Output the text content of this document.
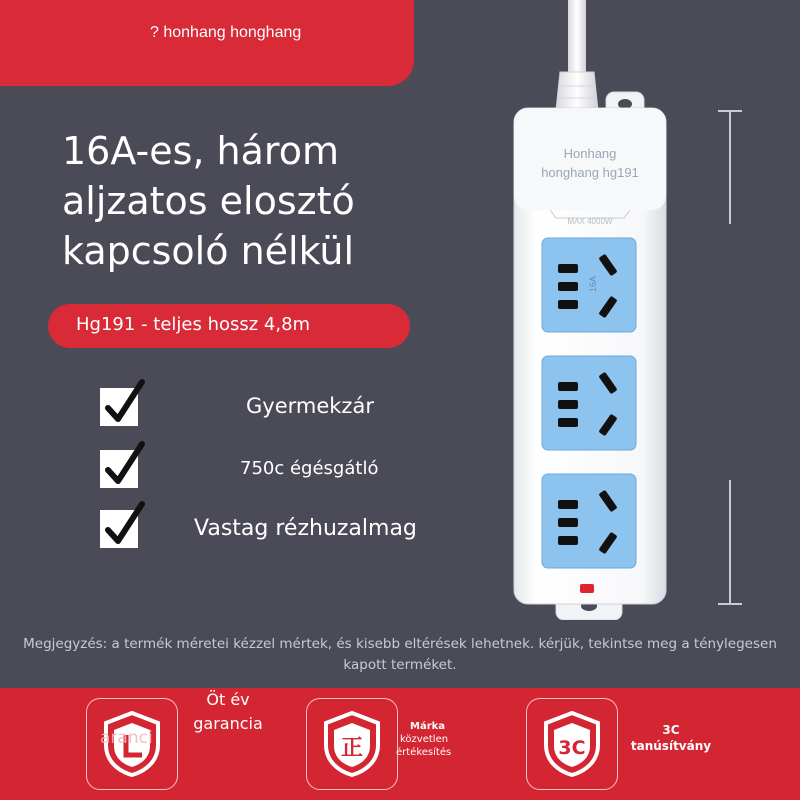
? honhang honghang
16A-es, három
aljzatos elosztó
kapcsoló nélkül
Hg191 - teljes hossz 4,8m
Gyermekzár
750c égésgátló
Vastag rézhuzalmag
Honhang
honghang hg191
MAX 4000W
16A
Megjegyzés: a termék méretei kézzel mértek, és kisebb eltérések lehetnek. kérjük, tekintse meg a ténylegesen kapott terméket.
aranci
Öt év garancia
正
Márka
közvetlen
értékesítés	3C
3C tanúsítvány
